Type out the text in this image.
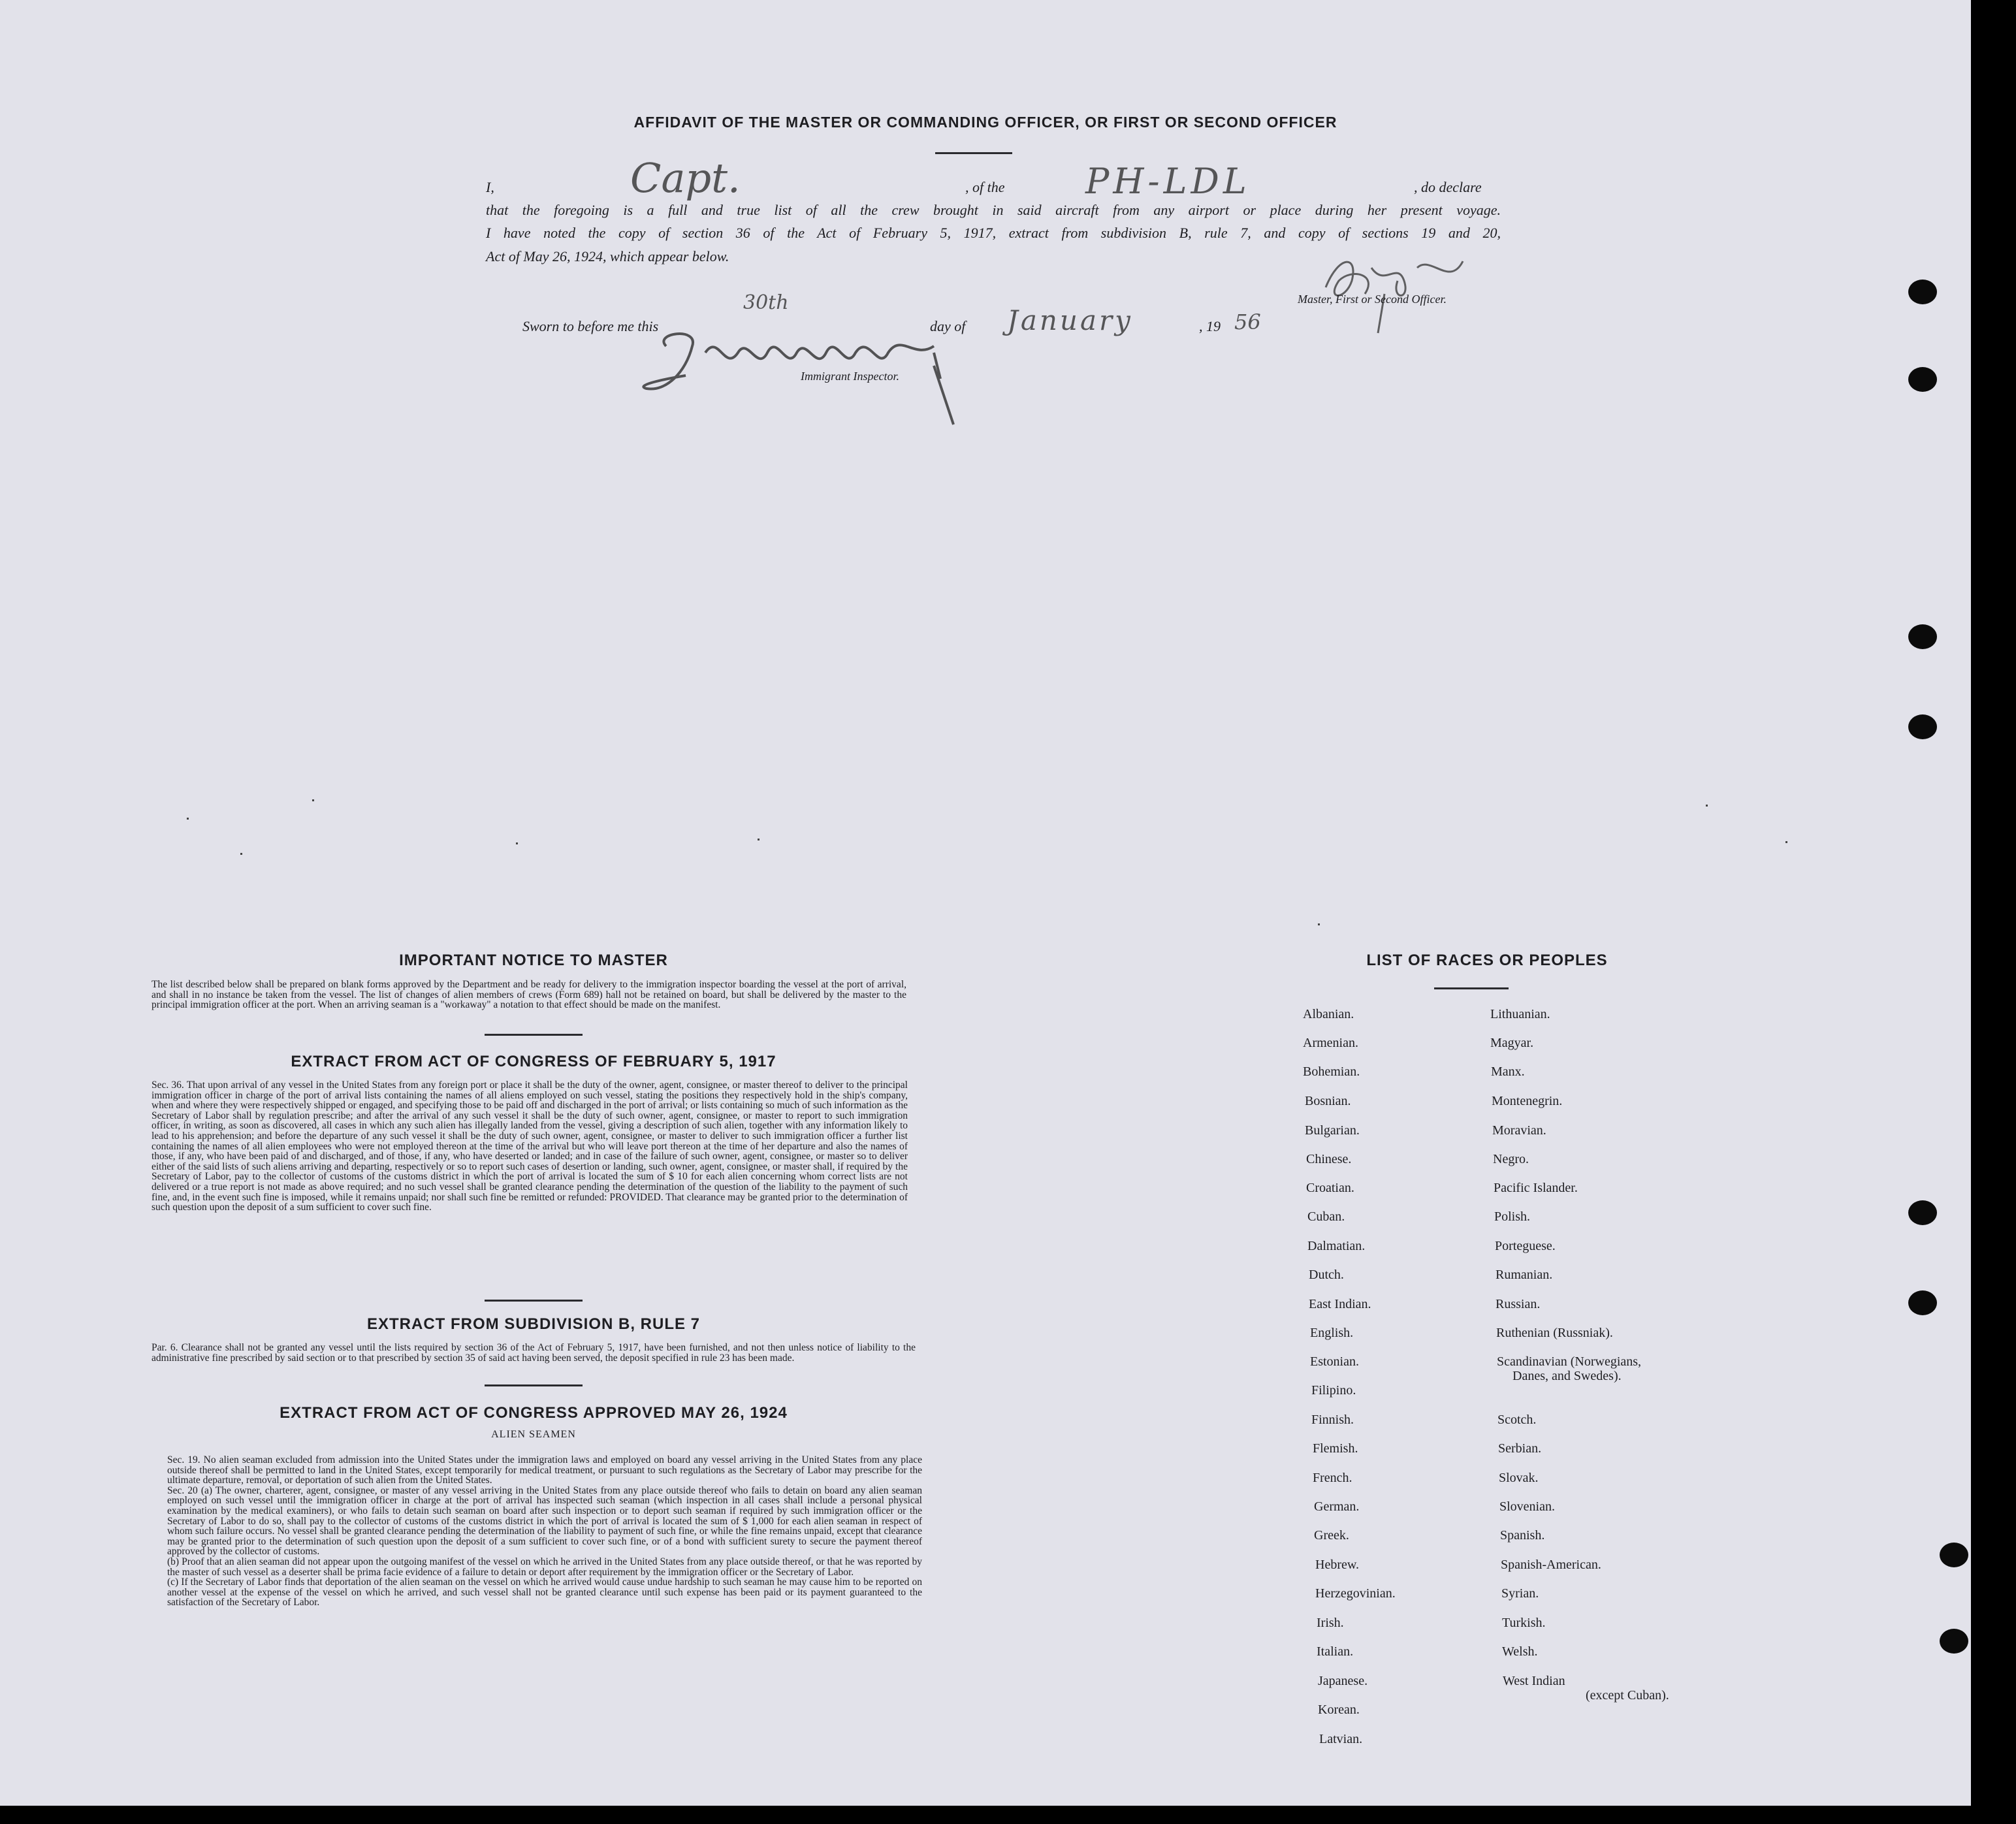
AFFIDAVIT OF THE MASTER OR COMMANDING OFFICER, OR FIRST OR SECOND OFFICER
I,	Capt.	, of the PH-LDL	, do declare
that the foregoing is a full and true list of all the crew brought in said aircraft from any airport or place during her present voyage.
I have noted the copy of section 36 of the Act of February 5, 1917, extract from subdivision B, rule 7, and copy of sections 19 and 20,
Act of May 26, 1924, which appear below.
Master, First or Second Officer.
Sworn to before me this
30th
day of January	, 19 56
Immigrant Inspector.
IMPORTANT NOTICE TO MASTER
The list described below shall be prepared on blank forms approved by the Department and be ready for delivery to the immigration inspector boarding the vessel at the port of arrival, and shall in no instance be taken from the vessel. The list of changes of alien members of crews (Form 689) hall not be retained on board, but shall be delivered by the master to the principal immigration officer at the port. When an arriving seaman is a "workaway" a notation to that effect should be made on the manifest.
EXTRACT FROM ACT OF CONGRESS OF FEBRUARY 5, 1917
Sec. 36. That upon arrival of any vessel in the United States from any foreign port or place it shall be the duty of the owner, agent, consignee, or master thereof to deliver to the principal immigration officer in charge of the port of arrival lists containing the names of all aliens employed on such vessel, stating the positions they respectively hold in the ship's company, when and where they were respectively shipped or engaged, and specifying those to be paid off and discharged in the port of arrival; or lists containing so much of such information as the Secretary of Labor shall by regulation prescribe; and after the arrival of any such vessel it shall be the duty of such owner, agent, consignee, or master to report to such immigration officer, in writing, as soon as discovered, all cases in which any such alien has illegally landed from the vessel, giving a description of such alien, together with any information likely to lead to his apprehension; and before the departure of any such vessel it shall be the duty of such owner, agent, consignee, or master to deliver to such immigration officer a further list containing the names of all alien employees who were not employed thereon at the time of the arrival but who will leave port thereon at the time of her departure and also the names of those, if any, who have been paid of and discharged, and of those, if any, who have deserted or landed; and in case of the failure of such owner, agent, consignee, or master so to deliver either of the said lists of such aliens arriving and departing, respectively or so to report such cases of desertion or landing, such owner, agent, consignee, or master shall, if required by the Secretary of Labor, pay to the collector of customs of the customs district in which the port of arrival is located the sum of $ 10 for each alien concerning whom correct lists are not delivered or a true report is not made as above required; and no such vessel shall be granted clearance pending the determination of the question of the liability to the payment of such fine, and, in the event such fine is imposed, while it remains unpaid; nor shall such fine be remitted or refunded: PROVIDED. That clearance may be granted prior to the determination of such question upon the deposit of a sum sufficient to cover such fine.
EXTRACT FROM SUBDIVISION B, RULE 7
Par. 6. Clearance shall not be granted any vessel until the lists required by section 36 of the Act of February 5, 1917, have been furnished, and not then unless notice of liability to the administrative fine prescribed by said section or to that prescribed by section 35 of said act having been served, the deposit specified in rule 23 has been made.
EXTRACT FROM ACT OF CONGRESS APPROVED MAY 26, 1924
ALIEN SEAMEN
Sec. 19. No alien seaman excluded from admission into the United States under the immigration laws and employed on board any vessel arriving in the United States from any place outside thereof shall be permitted to land in the United States, except temporarily for medical treatment, or pursuant to such regulations as the Secretary of Labor may prescribe for the ultimate departure, removal, or deportation of such alien from the United States.
Sec. 20 (a) The owner, charterer, agent, consignee, or master of any vessel arriving in the United States from any place outside thereof who fails to detain on board any alien seaman employed on such vessel until the immigration officer in charge at the port of arrival has inspected such seaman (which inspection in all cases shall include a personal physical examination by the medical examiners), or who fails to detain such seaman on board after such inspection or to deport such seaman if required by such immigration officer or the Secretary of Labor to do so, shall pay to the collector of customs of the customs district in which the port of arrival is located the sum of $ 1,000 for each alien seaman in respect of whom such failure occurs. No vessel shall be granted clearance pending the determination of the liability to payment of such fine, or while the fine remains unpaid, except that clearance may be granted prior to the determination of such question upon the deposit of a sum sufficient to cover such fine, or of a bond with sufficient surety to secure the payment thereof approved by the collector of customs.
(b) Proof that an alien seaman did not appear upon the outgoing manifest of the vessel on which he arrived in the United States from any place outside thereof, or that he was reported by the master of such vessel as a deserter shall be prima facie evidence of a failure to detain or deport after requirement by the immigration officer or the Secretary of Labor.
(c) If the Secretary of Labor finds that deportation of the alien seaman on the vessel on which he arrived would cause undue hardship to such seaman he may cause him to be reported on another vessel at the expense of the vessel on which he arrived, and such vessel shall not be granted clearance until such expense has been paid or its payment guaranteed to the satisfaction of the Secretary of Labor.
LIST OF RACES OR PEOPLES
Albanian.
Armenian.
Bohemian.
Bosnian.
Bulgarian.
Chinese.
Croatian.
Cuban.
Dalmatian.
Dutch.
East Indian.
English.
Estonian.
Filipino.
Finnish.
Flemish.
French.
German.
Greek.
Hebrew.
Herzegovinian.
Irish.
Italian.
Japanese.
Korean.
Latvian.
Lithuanian.
Magyar.
Manx.
Montenegrin.
Moravian.
Negro.
Pacific Islander.
Polish.
Porteguese.
Rumanian.
Russian.
Ruthenian (Russniak).
Scandinavian (Norwegians,
Danes, and Swedes).
Scotch.
Serbian.
Slovak.
Slovenian.
Spanish.
Spanish-American.
Syrian.
Turkish.
Welsh.
West Indian
(except Cuban).
